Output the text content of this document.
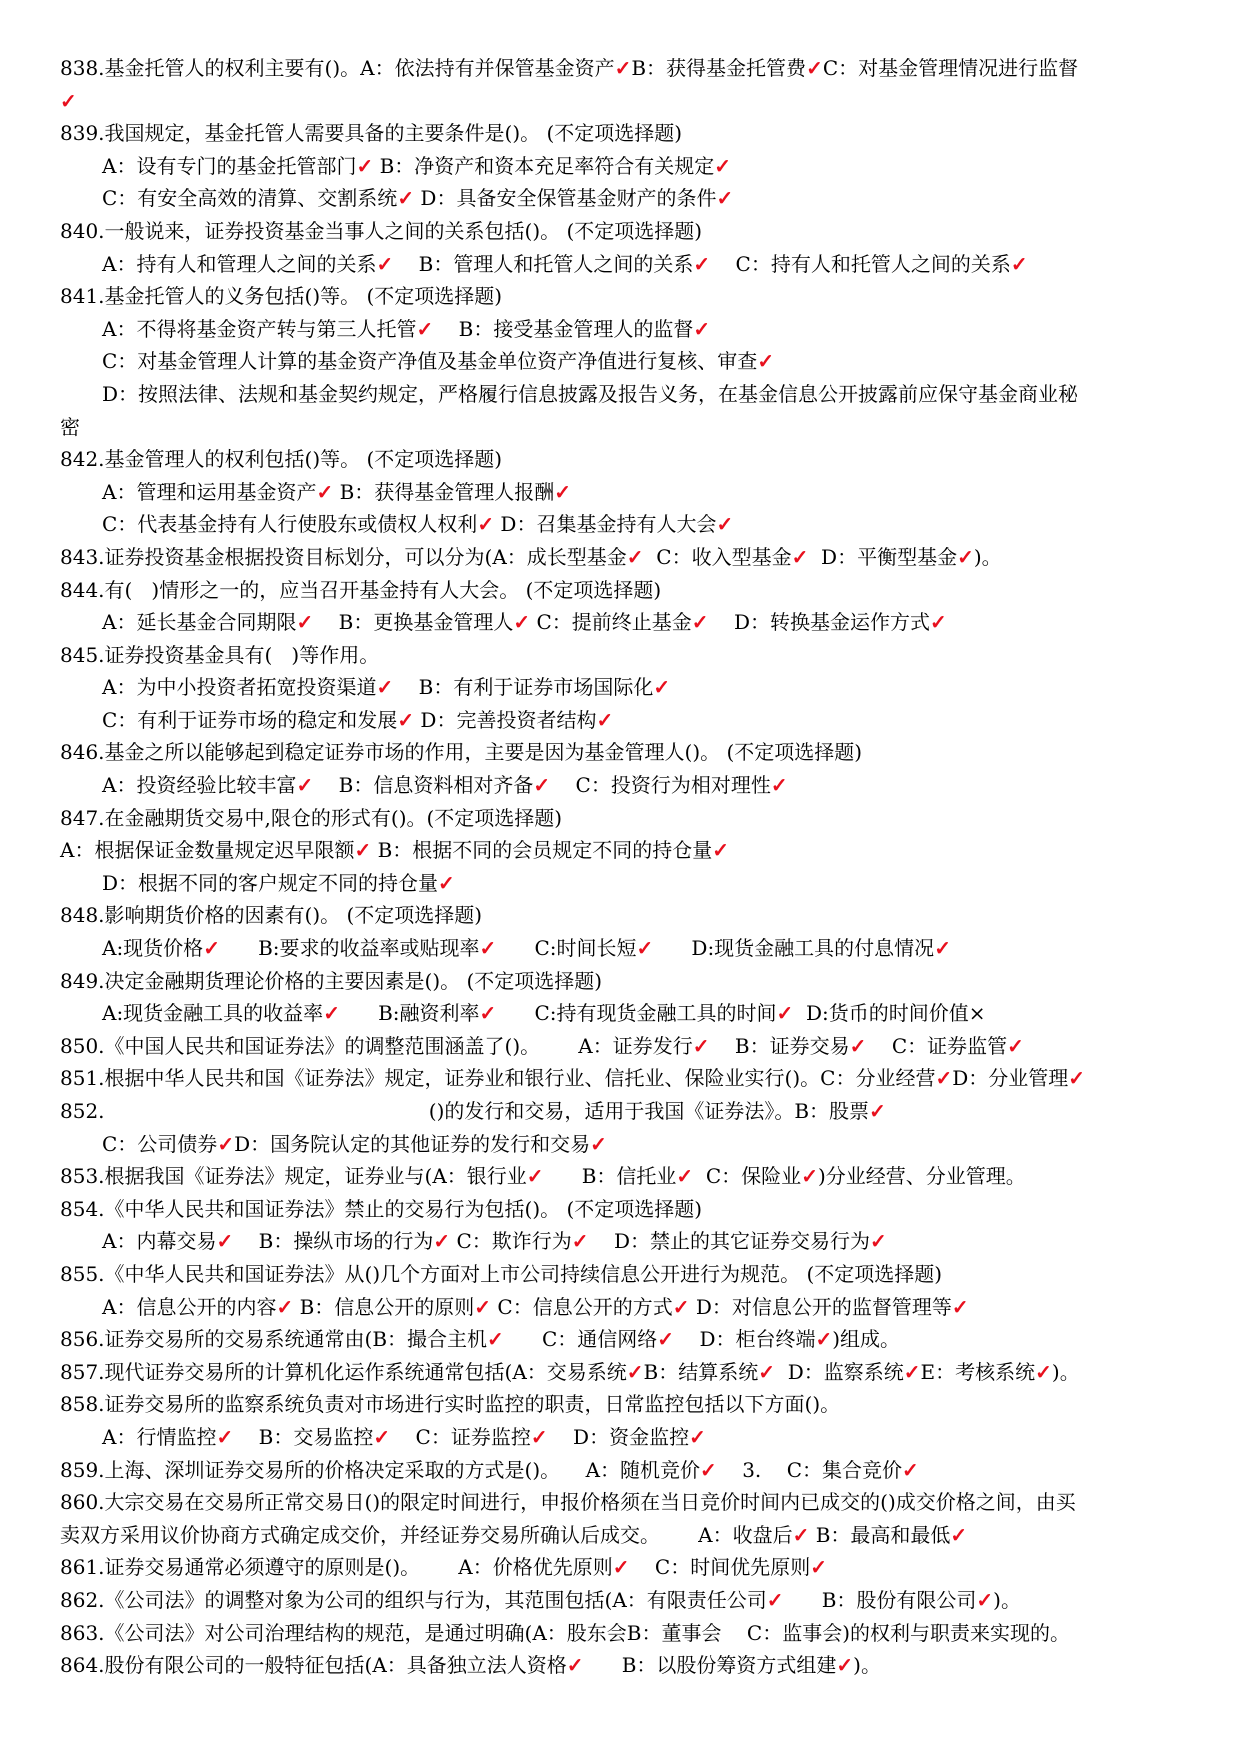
838.基金托管人的权利主要有()。A：依法持有并保管基金资产✓B：获得基金托管费✓C：对基金管理情况进行监督
✓
839.我国规定，基金托管人需要具备的主要条件是()。 (不定项选择题)
A：设有专门的基金托管部门✓ B：净资产和资本充足率符合有关规定✓
C：有安全高效的清算、交割系统✓ D：具备安全保管基金财产的条件✓
840.一般说来，证券投资基金当事人之间的关系包括()。 (不定项选择题)
A：持有人和管理人之间的关系✓    B：管理人和托管人之间的关系✓    C：持有人和托管人之间的关系✓
841.基金托管人的义务包括()等。 (不定项选择题)
A：不得将基金资产转与第三人托管✓    B：接受基金管理人的监督✓
C：对基金管理人计算的基金资产净值及基金单位资产净值进行复核、审查✓
D：按照法律、法规和基金契约规定，严格履行信息披露及报告义务，在基金信息公开披露前应保守基金商业秘
密
842.基金管理人的权利包括()等。 (不定项选择题)
A：管理和运用基金资产✓ B：获得基金管理人报酬✓
C：代表基金持有人行使股东或债权人权利✓ D：召集基金持有人大会✓
843.证券投资基金根据投资目标划分，可以分为(A：成长型基金✓  C：收入型基金✓  D：平衡型基金✓)。
844.有(   )情形之一的，应当召开基金持有人大会。 (不定项选择题)
A：延长基金合同期限✓    B：更换基金管理人✓ C：提前终止基金✓    D：转换基金运作方式✓
845.证券投资基金具有(   )等作用。
A：为中小投资者拓宽投资渠道✓    B：有利于证券市场国际化✓
C：有利于证券市场的稳定和发展✓ D：完善投资者结构✓
846.基金之所以能够起到稳定证券市场的作用，主要是因为基金管理人()。 (不定项选择题)
A：投资经验比较丰富✓    B：信息资料相对齐备✓    C：投资行为相对理性✓
847.在金融期货交易中,限仓的形式有()。(不定项选择题)
A：根据保证金数量规定迟早限额✓ B：根据不同的会员规定不同的持仓量✓
D：根据不同的客户规定不同的持仓量✓
848.影响期货价格的因素有()。 (不定项选择题)
A:现货价格✓      B:要求的收益率或贴现率✓      C:时间长短✓      D:现货金融工具的付息情况✓
849.决定金融期货理论价格的主要因素是()。 (不定项选择题)
A:现货金融工具的收益率✓      B:融资利率✓      C:持有现货金融工具的时间✓  D:货币的时间价值×
850.《中国人民共和国证券法》的调整范围涵盖了()。      A：证券发行✓    B：证券交易✓    C：证券监管✓
851.根据中华人民共和国《证券法》规定，证券业和银行业、信托业、保险业实行()。C：分业经营✓D：分业管理✓
852.                                                   ()的发行和交易，适用于我国《证券法》。B：股票✓
C：公司债券✓D：国务院认定的其他证券的发行和交易✓
853.根据我国《证券法》规定，证券业与(A：银行业✓      B：信托业✓  C：保险业✓)分业经营、分业管理。
854.《中华人民共和国证券法》禁止的交易行为包括()。 (不定项选择题)
A：内幕交易✓    B：操纵市场的行为✓ C：欺诈行为✓    D：禁止的其它证券交易行为✓
855.《中华人民共和国证券法》从()几个方面对上市公司持续信息公开进行为规范。 (不定项选择题)
A：信息公开的内容✓ B：信息公开的原则✓ C：信息公开的方式✓ D：对信息公开的监督管理等✓
856.证券交易所的交易系统通常由(B：撮合主机✓      C：通信网络✓    D：柜台终端✓)组成。
857.现代证券交易所的计算机化运作系统通常包括(A：交易系统✓B：结算系统✓  D：监察系统✓E：考核系统✓)。
858.证券交易所的监察系统负责对市场进行实时监控的职责，日常监控包括以下方面()。
A：行情监控✓    B：交易监控✓    C：证券监控✓    D：资金监控✓
859.上海、深圳证券交易所的价格决定采取的方式是()。    A：随机竞价✓    3.    C：集合竞价✓
860.大宗交易在交易所正常交易日()的限定时间进行，申报价格须在当日竞价时间内已成交的()成交价格之间，由买
卖双方采用议价协商方式确定成交价，并经证券交易所确认后成交。      A：收盘后✓ B：最高和最低✓
861.证券交易通常必须遵守的原则是()。      A：价格优先原则✓    C：时间优先原则✓
862.《公司法》的调整对象为公司的组织与行为，其范围包括(A：有限责任公司✓      B：股份有限公司✓)。
863.《公司法》对公司治理结构的规范，是通过明确(A：股东会B：董事会    C：监事会)的权利与职责来实现的。
864.股份有限公司的一般特征包括(A：具备独立法人资格✓      B：以股份筹资方式组建✓)。
